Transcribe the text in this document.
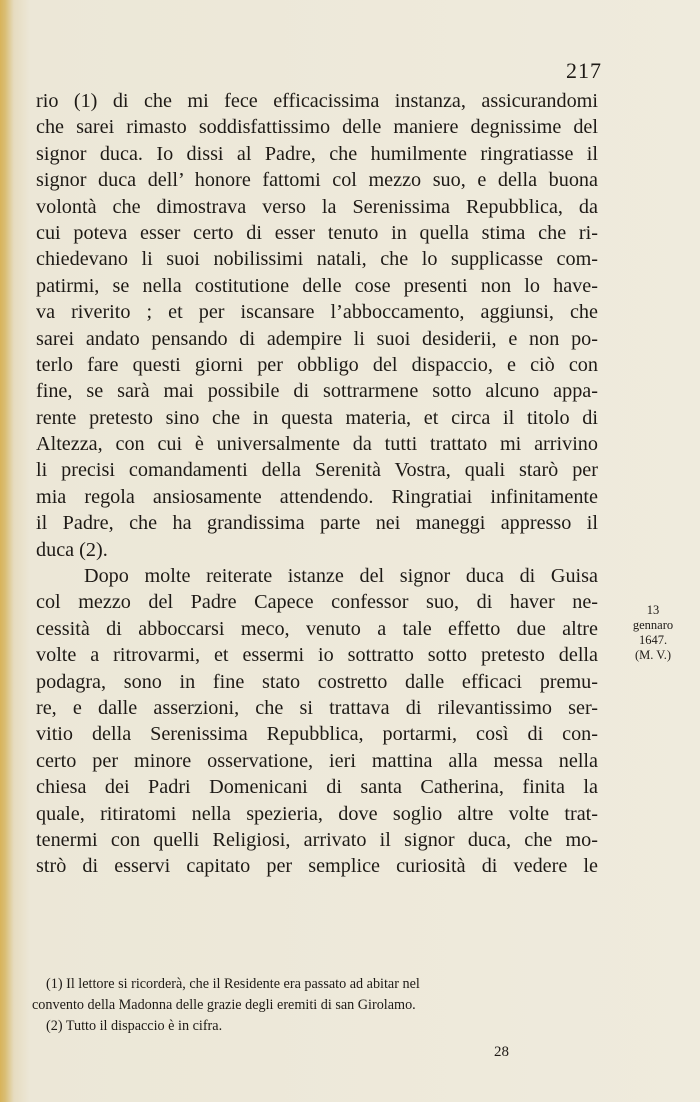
217
rio (1) di che mi fece efficacissima instanza, assicurandomi
che sarei rimasto soddisfattissimo delle maniere degnissime del
signor duca. Io dissi al Padre, che humilmente ringratiasse il
signor duca dell’ honore fattomi col mezzo suo, e della buona
volontà che dimostrava verso la Serenissima Repubblica, da
cui poteva esser certo di esser tenuto in quella stima che ri-
chiedevano li suoi nobilissimi natali, che lo supplicasse com-
patirmi, se nella costitutione delle cose presenti non lo have-
va riverito ; et per iscansare l’abboccamento, aggiunsi, che
sarei andato pensando di adempire li suoi desiderii, e non po-
terlo fare questi giorni per obbligo del dispaccio, e ciò con
fine, se sarà mai possibile di sottrarmene sotto alcuno appa-
rente pretesto sino che in questa materia, et circa il titolo di
Altezza, con cui è universalmente da tutti trattato mi arrivino
li precisi comandamenti della Serenità Vostra, quali starò per
mia regola ansiosamente attendendo. Ringratiai infinitamente
il Padre, che ha grandissima parte nei maneggi appresso il
duca (2).
Dopo molte reiterate istanze del signor duca di Guisa
col mezzo del Padre Capece confessor suo, di haver ne-
cessità di abboccarsi meco, venuto a tale effetto due altre
volte a ritrovarmi, et essermi io sottratto sotto pretesto della
podagra, sono in fine stato costretto dalle efficaci premu-
re, e dalle asserzioni, che si trattava di rilevantissimo ser-
vitio della Serenissima Repubblica, portarmi, così di con-
certo per minore osservatione, ieri mattina alla messa nella
chiesa dei Padri Domenicani di santa Catherina, finita la
quale, ritiratomi nella spezieria, dove soglio altre volte trat-
tenermi con quelli Religiosi, arrivato il signor duca, che mo-
strò di esservi capitato per semplice curiosità di vedere le
13
gennaro
1647.
(M. V.)
(1) Il lettore si ricorderà, che il Residente era passato ad abitar nel
convento della Madonna delle grazie degli eremiti di san Girolamo.
(2) Tutto il dispaccio è in cifra.
28
